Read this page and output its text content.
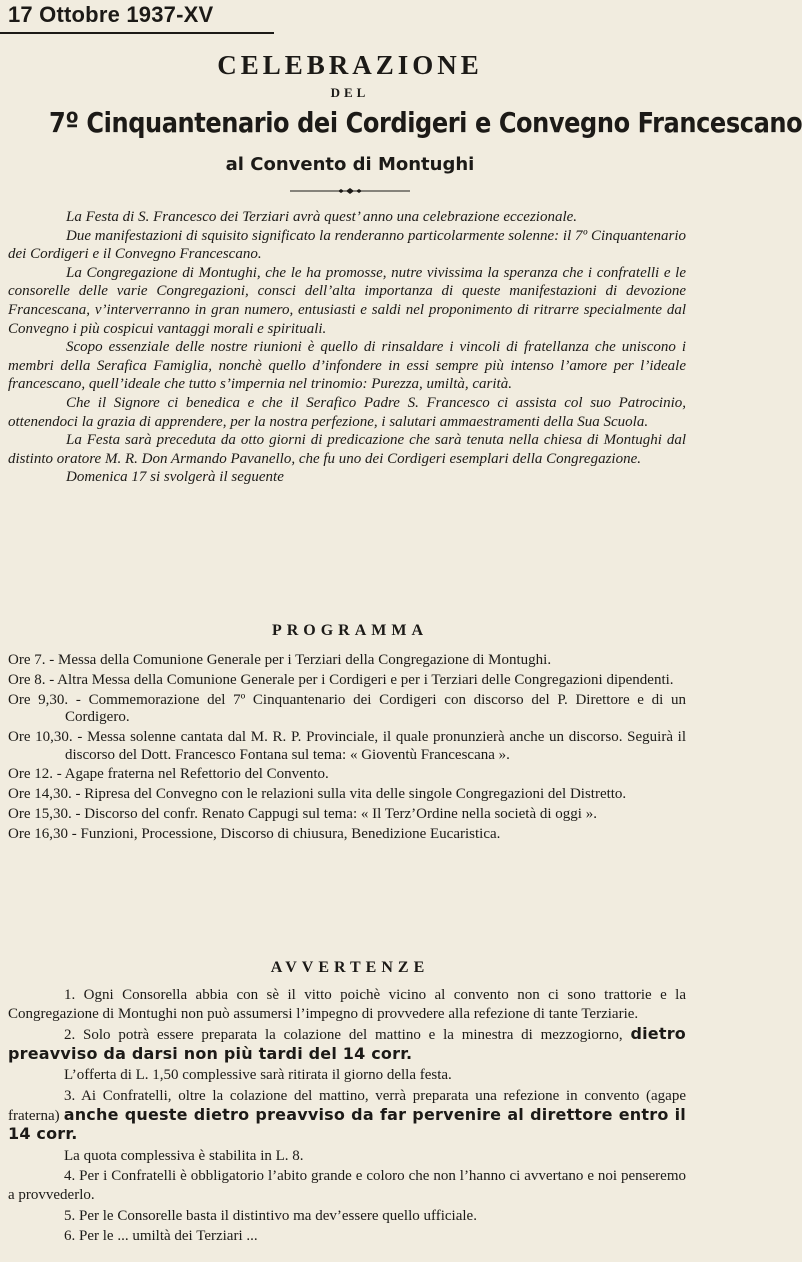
17 Ottobre 1937-XV
CELEBRAZIONE
DEL
7º Cinquantenario dei Cordigeri e Convegno Francescano
al Convento di Montughi

La Festa di S. Francesco dei Terziari avrà quest’ anno una celebrazione eccezionale.

Due manifestazioni di squisito significato la renderanno particolarmente solenne: il 7º Cinquantenario dei Cordigeri e il Convegno Francescano.

La Congregazione di Montughi, che le ha promosse, nutre vivissima la speranza che i confratelli e le consorelle delle varie Congregazioni, consci dell’alta importanza di queste manifestazioni di devozione Francescana, v’interverranno in gran numero, entusiasti e saldi nel proponimento di ritrarre specialmente dal Convegno i più cospicui vantaggi morali e spirituali.

Scopo essenziale delle nostre riunioni è quello di rinsaldare i vincoli di fratellanza che uniscono i membri della Serafica Famiglia, nonchè quello d’infondere in essi sempre più intenso l’amore per l’ideale francescano, quell’ideale che tutto s’impernia nel trinomio: Purezza, umiltà, carità.

Che il Signore ci benedica e che il Serafico Padre S. Francesco ci assista col suo Patrocinio, ottenendoci la grazia di apprendere, per la nostra perfezione, i salutari ammaestramenti della Sua Scuola.

La Festa sarà preceduta da otto giorni di predicazione che sarà tenuta nella chiesa di Montughi dal distinto oratore M. R. Don Armando Pavanello, che fu uno dei Cordigeri esemplari della Congregazione.

Domenica 17 si svolgerà il seguente

PROGRAMMA
Ore 7. - Messa della Comunione Generale per i Terziari della Congregazione di Montughi.
Ore 8. - Altra Messa della Comunione Generale per i Cordigeri e per i Terziari delle Congregazioni dipendenti.
Ore 9,30. - Commemorazione del 7º Cinquantenario dei Cordigeri con discorso del P. Direttore e di un Cordigero.
Ore 10,30. - Messa solenne cantata dal M. R. P. Provinciale, il quale pronunzierà anche un discorso. Seguirà il discorso del Dott. Francesco Fontana sul tema: « Gioventù Francescana ».
Ore 12. - Agape fraterna nel Refettorio del Convento.
Ore 14,30. - Ripresa del Convegno con le relazioni sulla vita delle singole Congregazioni del Distretto.
Ore 15,30. - Discorso del confr. Renato Cappugi sul tema: « Il Terz’Ordine nella società di oggi ».
Ore 16,30 - Funzioni, Processione, Discorso di chiusura, Benedizione Eucaristica.
AVVERTENZE

1. Ogni Consorella abbia con sè il vitto poichè vicino al convento non ci sono trattorie e la Congregazione di Montughi non può assumersi l’impegno di provvedere alla refezione di tante Terziarie.

2. Solo potrà essere preparata la colazione del mattino e la minestra di mezzogiorno, dietro preavviso da darsi non più tardi del 14 corr.

L’offerta di L. 1,50 complessive sarà ritirata il giorno della festa.

3. Ai Confratelli, oltre la colazione del mattino, verrà preparata una refezione in convento (agape fraterna) anche queste dietro preavviso da far pervenire al direttore entro il 14 corr.

La quota complessiva è stabilita in L. 8.

4. Per i Confratelli è obbligatorio l’abito grande e coloro che non l’hanno ci avvertano e noi penseremo a provvederlo.

5. Per le Consorelle basta il distintivo ma dev’essere quello ufficiale.

6. Per le ... umiltà dei Terziari ...
